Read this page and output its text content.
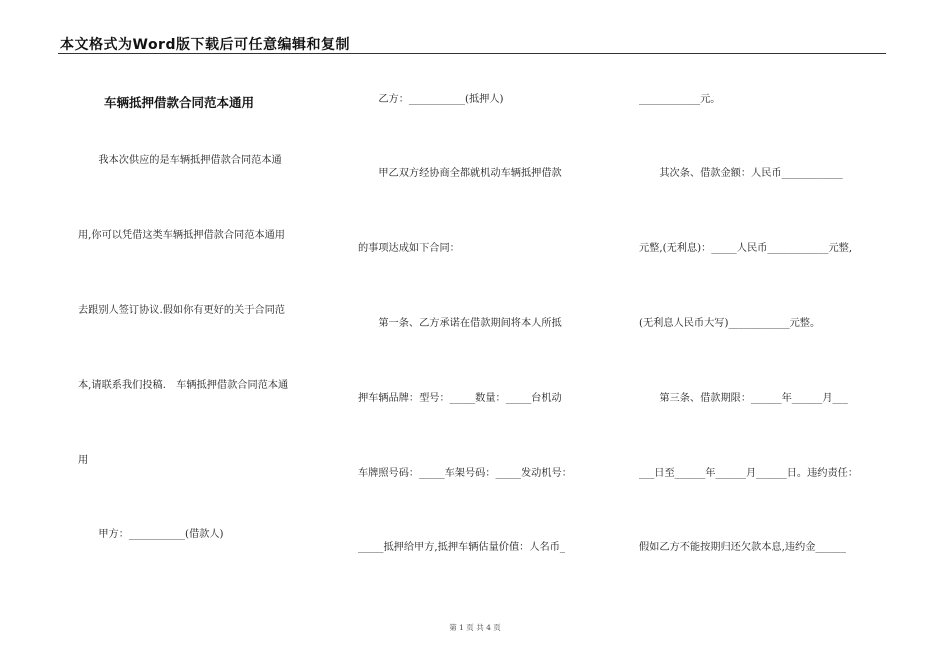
本文格式为Word版下载后可任意编辑和复制
车辆抵押借款合同范本通用
　　我本次供应的是车辆抵押借款合同范本通
用,你可以凭借这类车辆抵押借款合同范本通用
去跟别人签订协议.假如你有更好的关于合同范
本,请联系我们投稿.　车辆抵押借款合同范本通
用
　　甲方：___________(借款人)
　　乙方：___________(抵押人)
　　甲乙双方经协商全都就机动车辆抵押借款
的事项达成如下合同：
　　第一条、乙方承诺在借款期间将本人所抵
押车辆品牌：型号：_____数量：_____台机动
车牌照号码：_____车架号码：_____发动机号：
_____抵押给甲方,抵押车辆估量价值：人名币_
____________元。
　　其次条、借款金额：人民币____________
元整,(无利息)：_____人民币____________元整,
(无利息人民币大写)____________元整。
　　第三条、借款期限：______年______月___
___日至______年______月______日。违约责任：
假如乙方不能按期归还欠款本息,违约金______
第 1 页 共 4 页
